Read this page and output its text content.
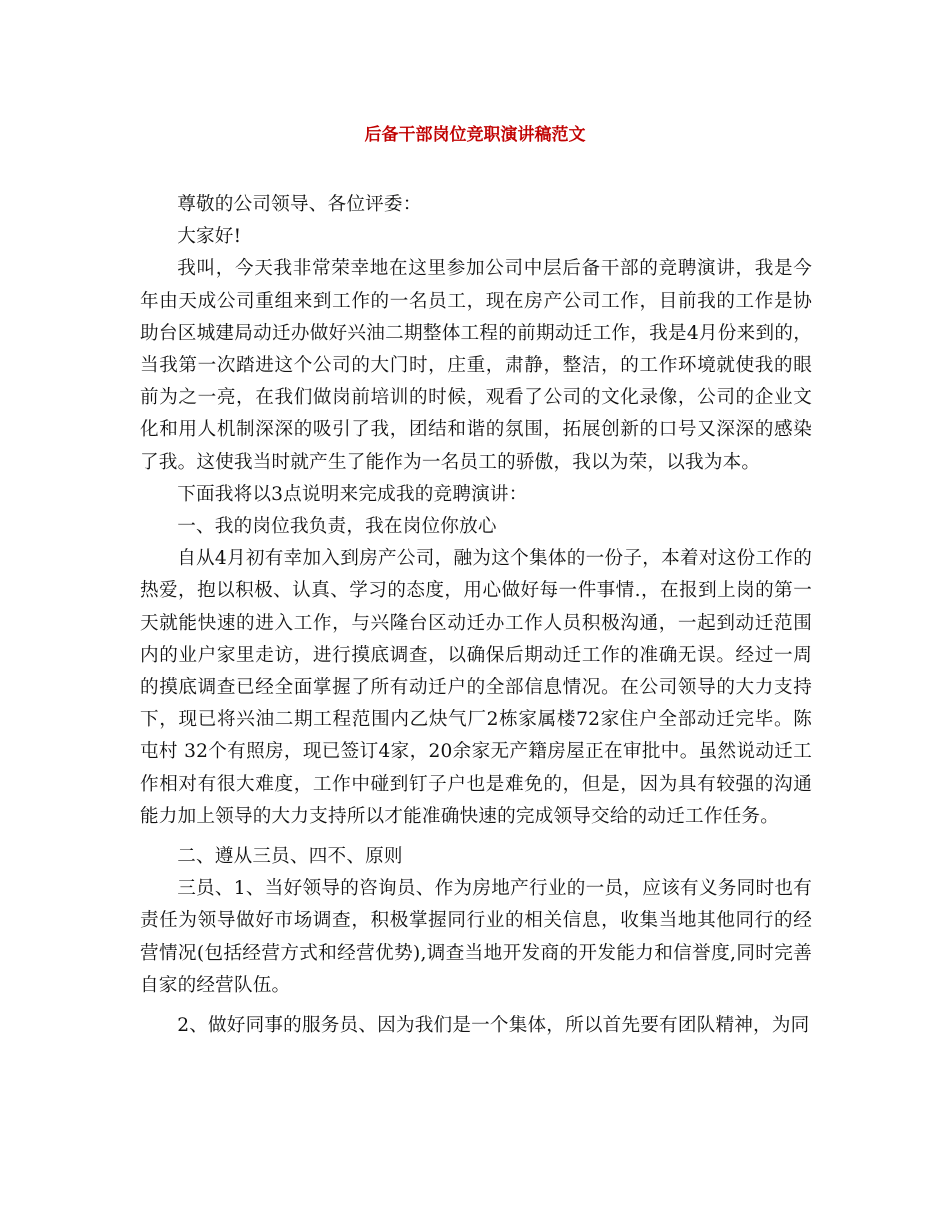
后备干部岗位竞职演讲稿范文

尊敬的公司领导、各位评委：

大家好!

我叫，今天我非常荣幸地在这里参加公司中层后备干部的竞聘演讲，我是今年由天成公司重组来到工作的一名员工，现在房产公司工作，目前我的工作是协助台区城建局动迁办做好兴油二期整体工程的前期动迁工作，我是4月份来到的，当我第一次踏进这个公司的大门时，庄重，肃静，整洁，的工作环境就使我的眼前为之一亮，在我们做岗前培训的时候，观看了公司的文化录像，公司的企业文化和用人机制深深的吸引了我，团结和谐的氛围，拓展创新的口号又深深的感染了我。这使我当时就产生了能作为一名员工的骄傲，我以为荣，以我为本。

下面我将以3点说明来完成我的竞聘演讲：

一、我的岗位我负责，我在岗位你放心

自从4月初有幸加入到房产公司，融为这个集体的一份子，本着对这份工作的热爱，抱以积极、认真、学习的态度，用心做好每一件事情.，在报到上岗的第一天就能快速的进入工作，与兴隆台区动迁办工作人员积极沟通，一起到动迁范围内的业户家里走访，进行摸底调查，以确保后期动迁工作的准确无误。经过一周的摸底调查已经全面掌握了所有动迁户的全部信息情况。在公司领导的大力支持下，现已将兴油二期工程范围内乙炔气厂2栋家属楼72家住户全部动迁完毕。陈屯村 32个有照房，现已签订4家，20余家无产籍房屋正在审批中。虽然说动迁工作相对有很大难度，工作中碰到钉子户也是难免的，但是，因为具有较强的沟通能力加上领导的大力支持所以才能准确快速的完成领导交给的动迁工作任务。

二、遵从三员、四不、原则

三员、1、当好领导的咨询员、作为房地产行业的一员，应该有义务同时也有责任为领导做好市场调查，积极掌握同行业的相关信息，收集当地其他同行的经营情况(包括经营方式和经营优势),调查当地开发商的开发能力和信誉度,同时完善自家的经营队伍。

2、做好同事的服务员、因为我们是一个集体，所以首先要有团队精神，为同
